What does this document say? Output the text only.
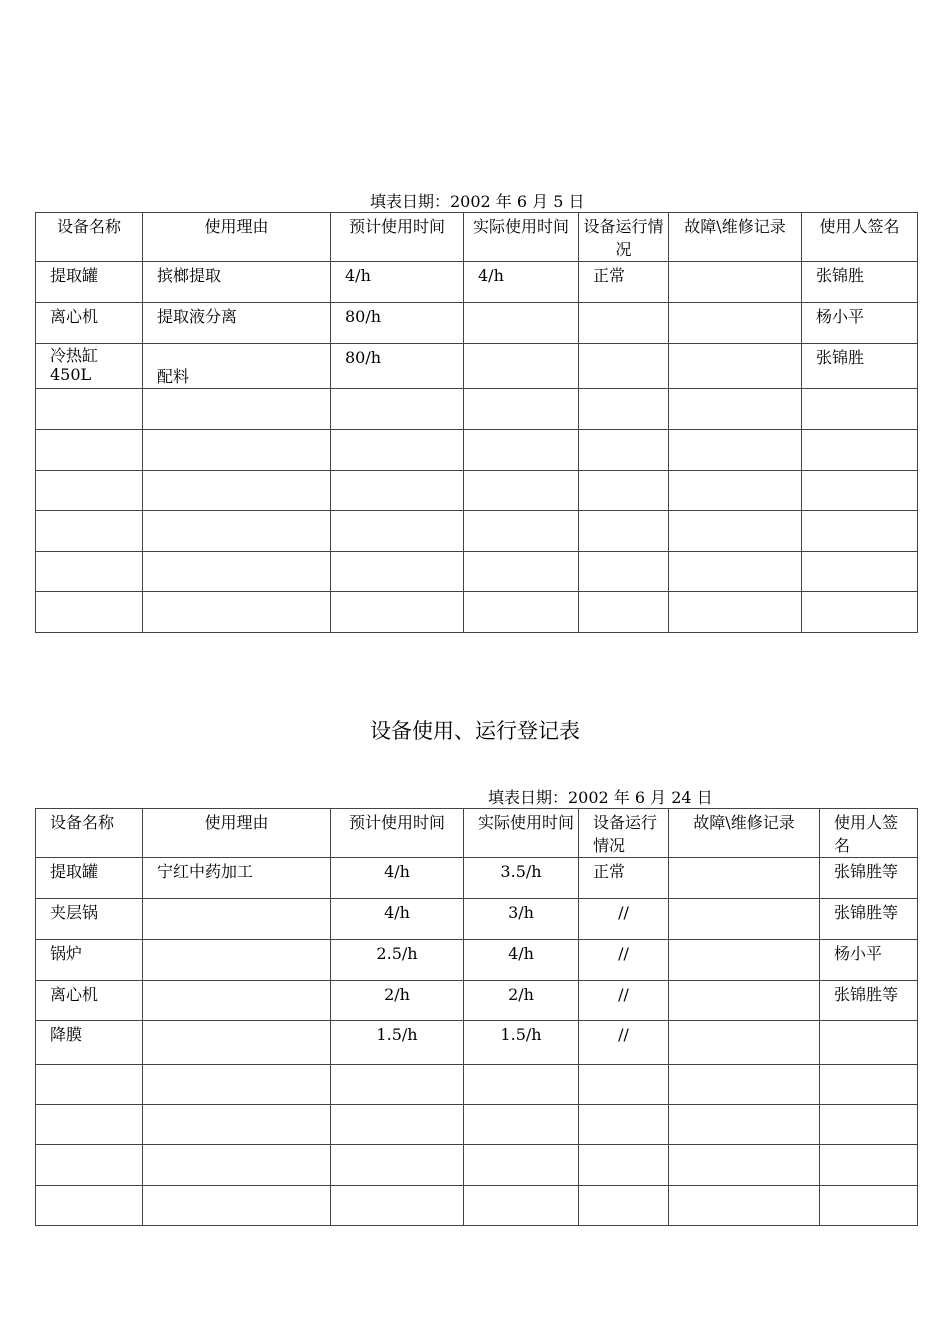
填表日期：2002 年 6 月 5 日
设备名称	使用理由	预计使用时间	实际使用时间	设备运行情况	故障\维修记录	使用人签名
提取罐	摈榔提取	4/h	4/h	正常		张锦胜
离心机	提取液分离	80/h				杨小平
冷热缸 450L	配料	80/h				张锦胜

设备使用、运行登记表
填表日期：2002 年 6 月 24 日
设备名称	使用理由	预计使用时间	实际使用时间	设备运行情况	故障\维修记录	使用人签名
提取罐	宁红中药加工	4/h	3.5/h	正常		张锦胜等
夹层锅		4/h	3/h	//		张锦胜等
锅炉		2.5/h	4/h	//		杨小平
离心机		2/h	2/h	//		张锦胜等
降膜		1.5/h	1.5/h	//		
